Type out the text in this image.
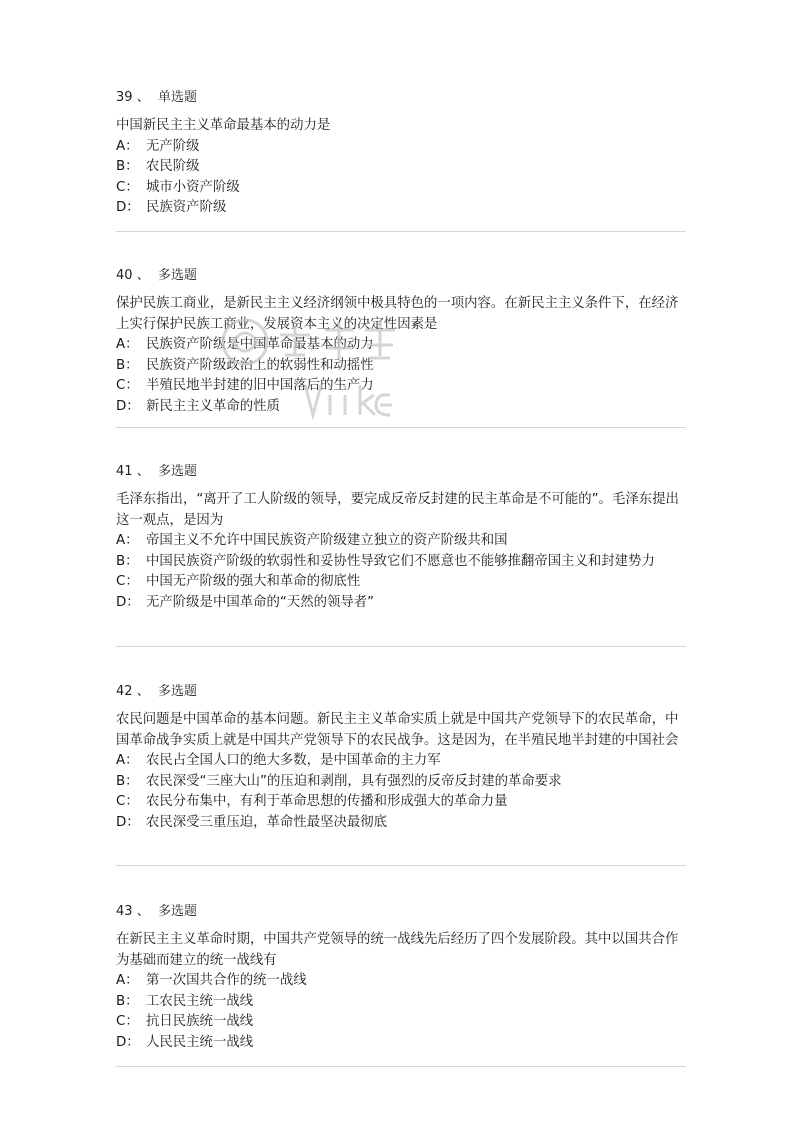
39 、 单选题
中国新民主主义革命最基本的动力是
A： 无产阶级
B： 农民阶级
C： 城市小资产阶级
D： 民族资产阶级
40 、 多选题
保护民族工商业，是新民主主义经济纲领中极具特色的一项内容。在新民主主义条件下，在经济上实行保护民族工商业，发展资本主义的决定性因素是
A： 民族资产阶级是中国革命最基本的动力
B： 民族资产阶级政治上的软弱性和动摇性
C： 半殖民地半封建的旧中国落后的生产力
D： 新民主主义革命的性质
41 、 多选题
毛泽东指出，“离开了工人阶级的领导，要完成反帝反封建的民主革命是不可能的”。毛泽东提出这一观点，是因为
A： 帝国主义不允许中国民族资产阶级建立独立的资产阶级共和国
B： 中国民族资产阶级的软弱性和妥协性导致它们不愿意也不能够推翻帝国主义和封建势力
C： 中国无产阶级的强大和革命的彻底性
D： 无产阶级是中国革命的“天然的领导者”
42 、 多选题
农民问题是中国革命的基本问题。新民主主义革命实质上就是中国共产党领导下的农民革命，中国革命战争实质上就是中国共产党领导下的农民战争。这是因为，在半殖民地半封建的中国社会
A： 农民占全国人口的绝大多数，是中国革命的主力军
B： 农民深受“三座大山”的压迫和剥削，具有强烈的反帝反封建的革命要求
C： 农民分布集中，有利于革命思想的传播和形成强大的革命力量
D： 农民深受三重压迫，革命性最坚决最彻底
43 、 多选题
在新民主主义革命时期，中国共产党领导的统一战线先后经历了四个发展阶段。其中以国共合作为基础而建立的统一战线有
A： 第一次国共合作的统一战线
B： 工农民主统一战线
C： 抗日民族统一战线
D： 人民民主统一战线
